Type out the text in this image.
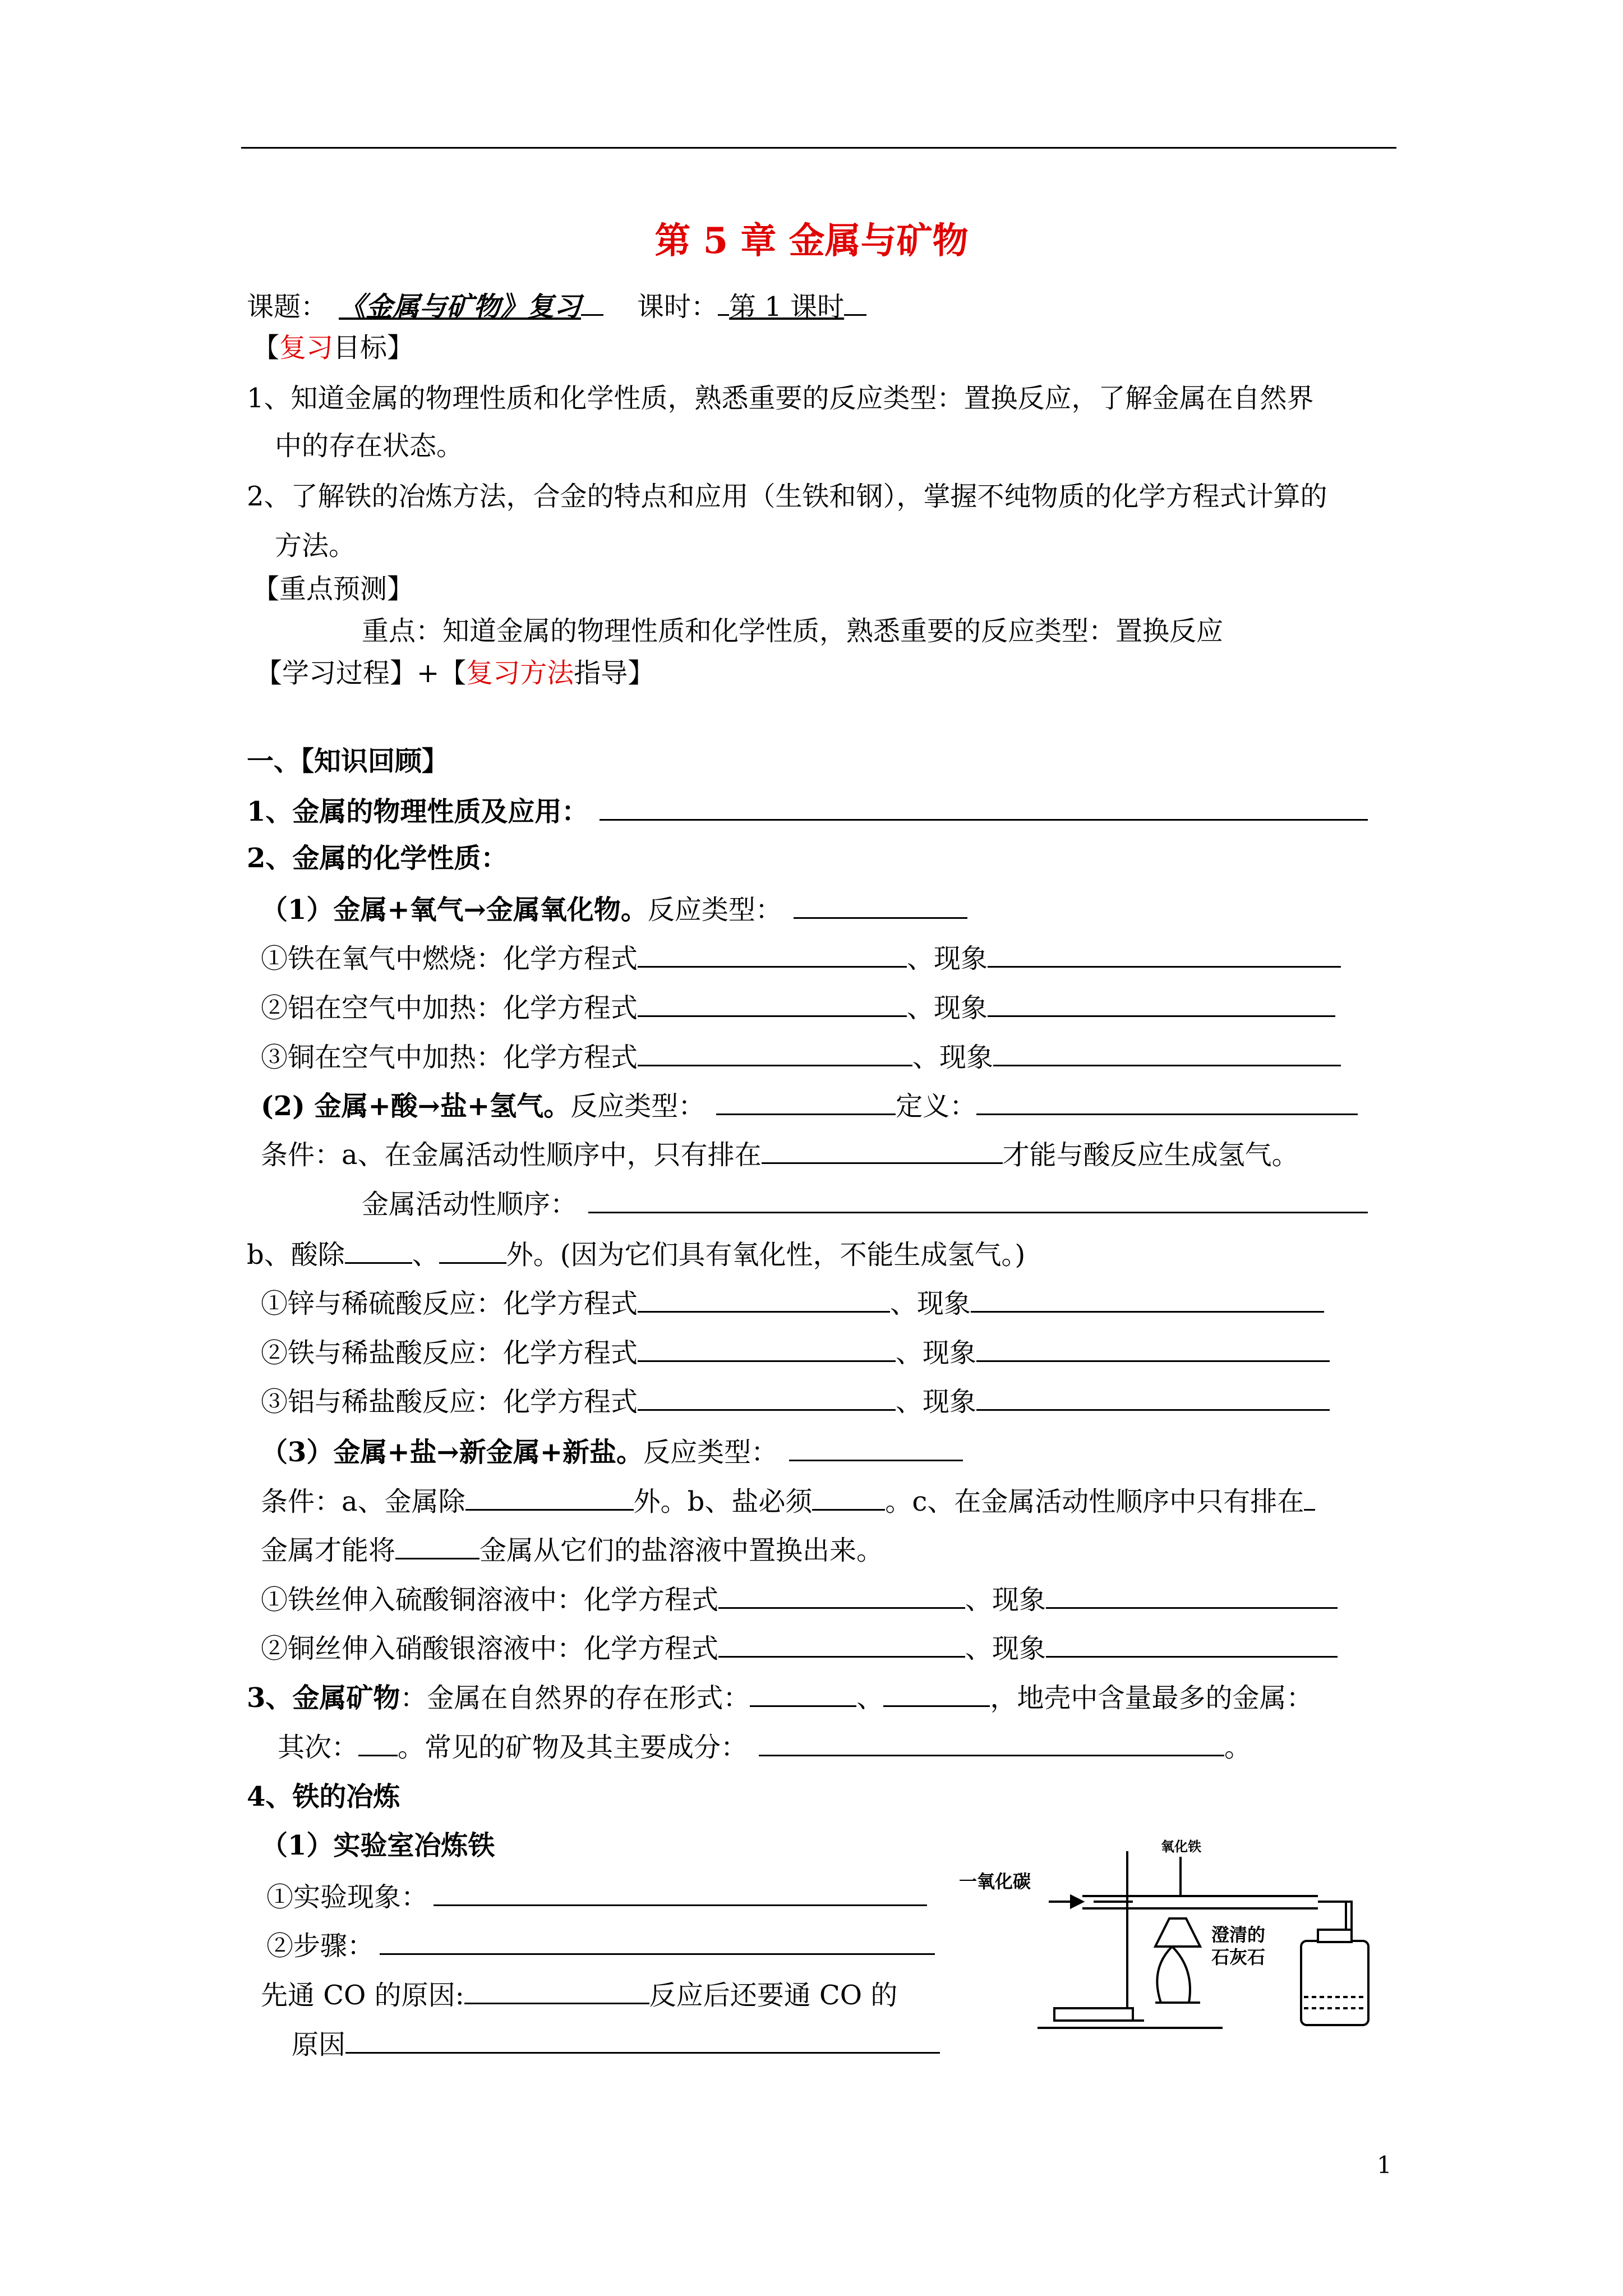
第 5 章 金属与矿物
课题： 《金属与矿物》复习 课时： 第 1 课时
【复习目标】
1、知道金属的物理性质和化学性质，熟悉重要的反应类型：置换反应，了解金属在自然界
中的存在状态。
2、了解铁的冶炼方法，合金的特点和应用（生铁和钢），掌握不纯物质的化学方程式计算的
方法。
【重点预测】
重点：知道金属的物理性质和化学性质，熟悉重要的反应类型：置换反应
【学习过程】+【复习方法指导】
一、【知识回顾】
1、金属的物理性质及应用：
2、金属的化学性质：
（1）金属+氧气→金属氧化物。反应类型：
①铁在氧气中燃烧：化学方程式	、现象
②铝在空气中加热：化学方程式	、现象
③铜在空气中加热：化学方程式	、现象
(2) 金属+酸→盐+氢气。反应类型：	定义：
条件：a、在金属活动性顺序中，只有排在	才能与酸反应生成氢气。
金属活动性顺序：
b、酸除	、	外。(因为它们具有氧化性，不能生成氢气。)
①锌与稀硫酸反应：化学方程式	、现象
②铁与稀盐酸反应：化学方程式	、现象
③铝与稀盐酸反应：化学方程式	、现象
（3）金属+盐→新金属+新盐。反应类型：
条件：a、金属除	外。b、盐必须	。c、在金属活动性顺序中只有排在
金属才能将	金属从它们的盐溶液中置换出来。
①铁丝伸入硫酸铜溶液中：化学方程式	、现象
②铜丝伸入硝酸银溶液中：化学方程式	、现象
3、金属矿物：金属在自然界的存在形式：	、	，地壳中含量最多的金属：
其次： 。常见的矿物及其主要成分：	。
4、铁的冶炼
（1）实验室冶炼铁
①实验现象：
②步骤：
先通 CO 的原因:	反应后还要通 CO 的
原因
一氧化碳
氧化铁
澄清的
石灰石
1
